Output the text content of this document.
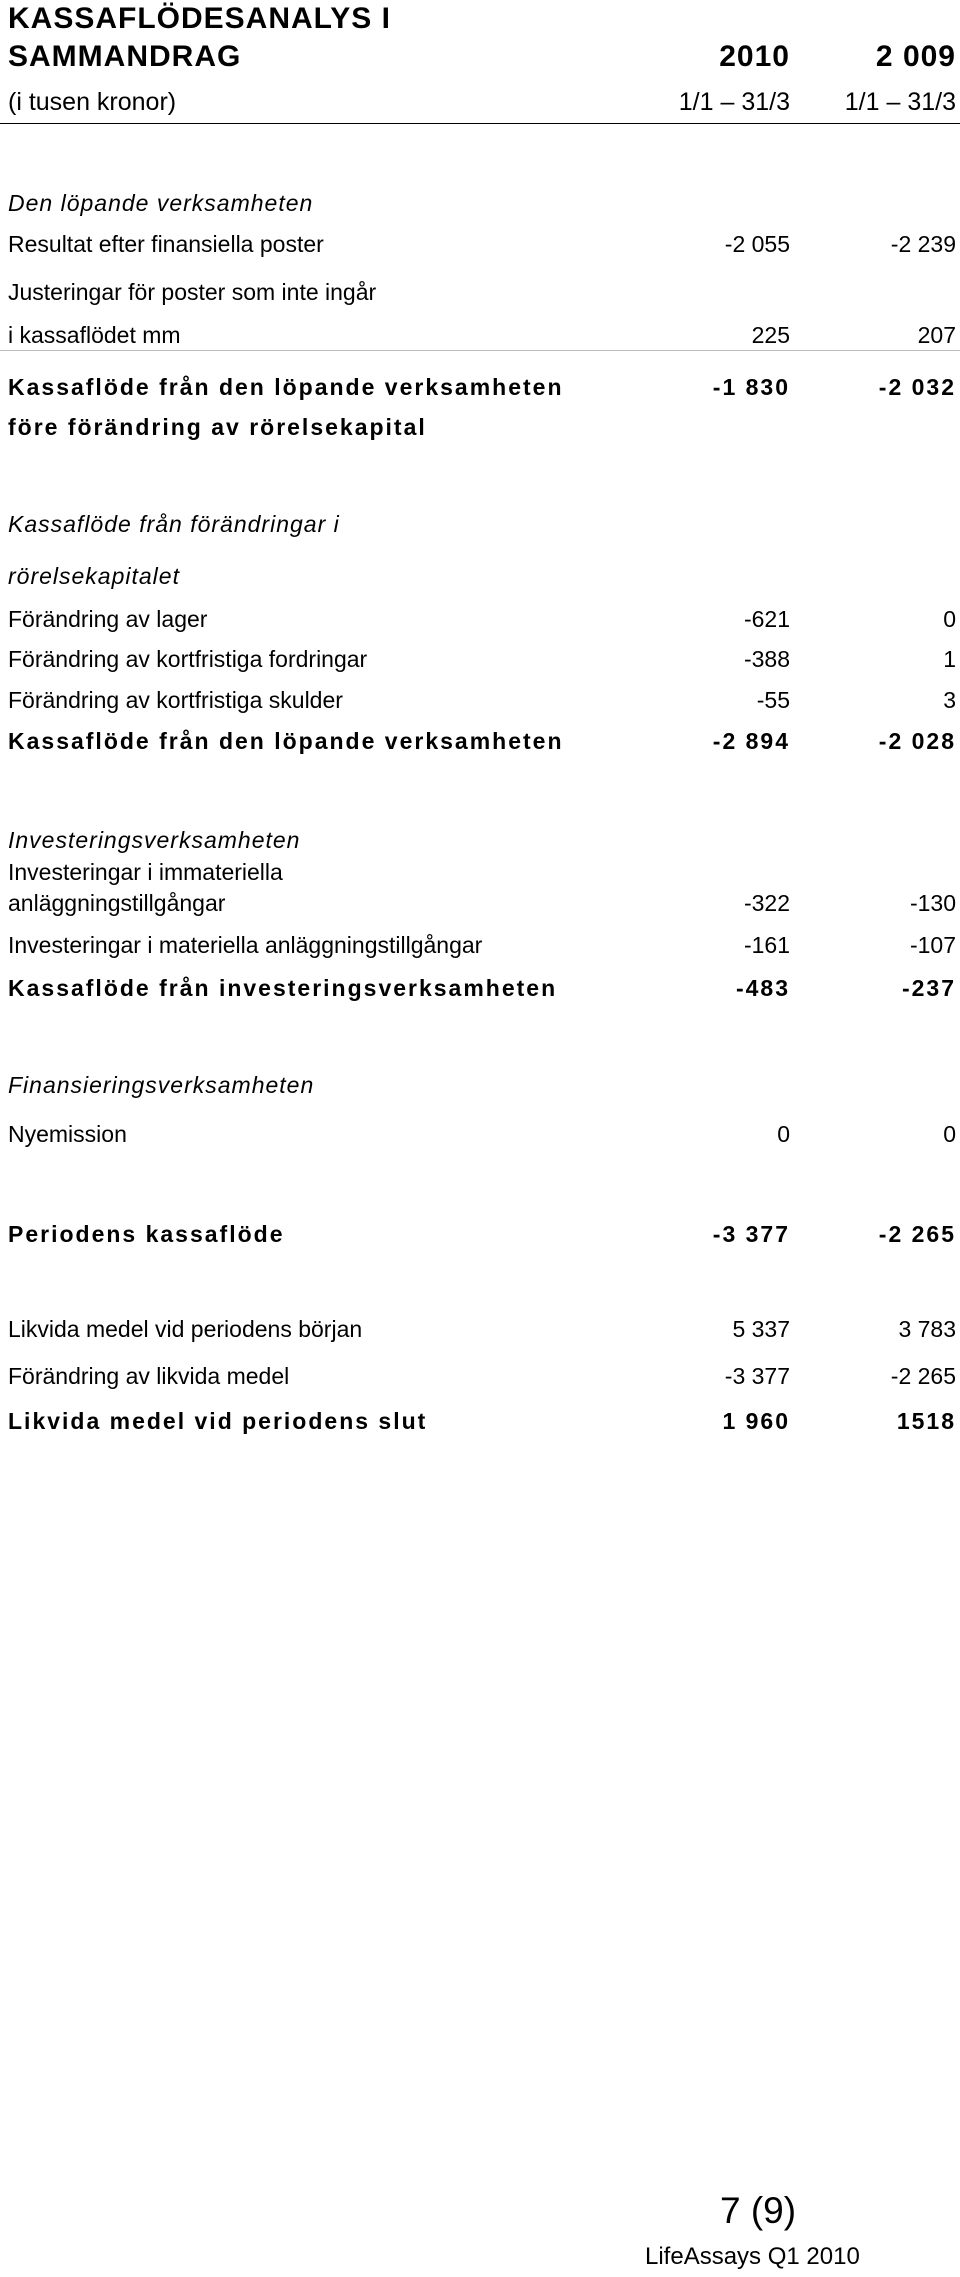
KASSAFLÖDESANALYS I
SAMMANDRAG	2010	2 009
(i tusen kronor)	1/1 – 31/3	1/1 – 31/3
Den löpande verksamheten
Resultat efter finansiella poster	-2 055	-2 239
Justeringar för poster som inte ingår
i kassaflödet mm	225	207
Kassaflöde från den löpande verksamheten	-1 830	-2 032
före förändring av rörelsekapital
Kassaflöde från förändringar i
rörelsekapitalet
Förändring av lager	-621	0
Förändring av kortfristiga fordringar	-388	1
Förändring av kortfristiga skulder	-55	3
Kassaflöde från den löpande verksamheten	-2 894	-2 028
Investeringsverksamheten
Investeringar i immateriella
anläggningstillgångar	-322	-130
Investeringar i materiella anläggningstillgångar	-161	-107
Kassaflöde från investeringsverksamheten	-483	-237
Finansieringsverksamheten
Nyemission	0	0
Periodens kassaflöde	-3 377	-2 265
Likvida medel vid periodens början	5 337	3 783
Förändring av likvida medel	-3 377	-2 265
Likvida medel vid periodens slut	1 960	1518
7 (9)
LifeAssays Q1 2010
